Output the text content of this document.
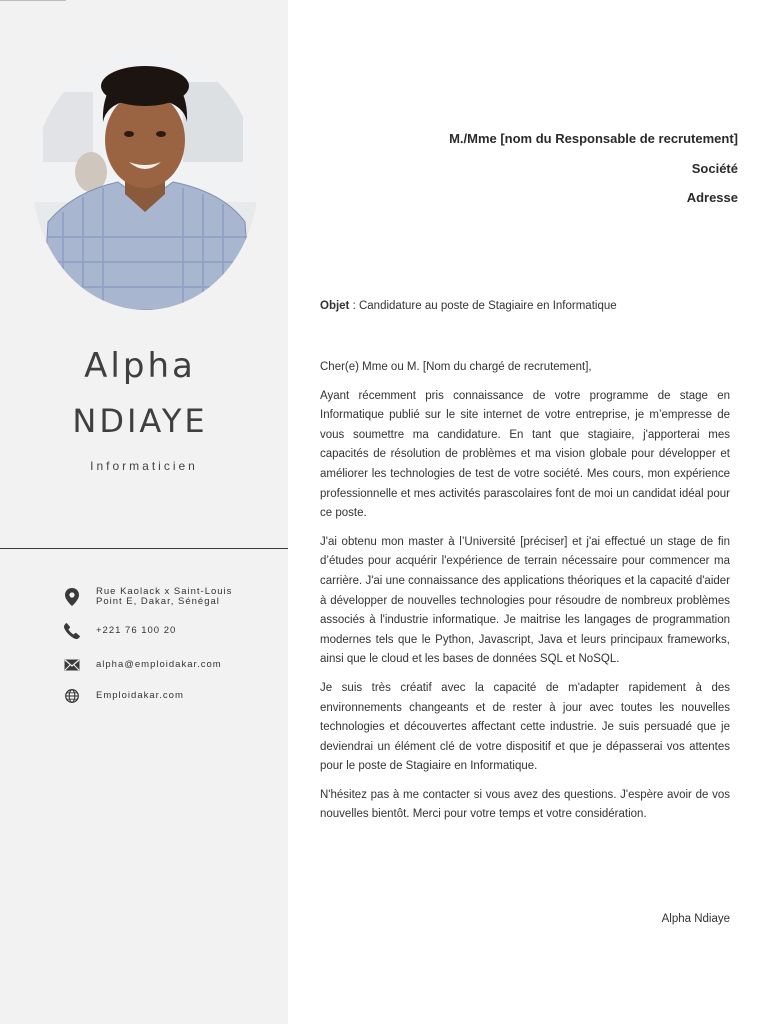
Alpha
NDIAYE
Informaticien
Rue Kaolack x Saint-Louis
Point E, Dakar, Sénégal
+221 76 100 20
alpha@emploidakar.com
Emploidakar.com
M./Mme [nom du Responsable de recrutement]
Société
Adresse
Objet : Candidature au poste de Stagiaire en Informatique

Cher(e) Mme ou M. [Nom du chargé de recrutement],

Ayant récemment pris connaissance de votre programme de stage en Informatique publié sur le site internet de votre entreprise, je m’empresse de vous soumettre ma candidature. En tant que stagiaire, j'apporterai mes capacités de résolution de problèmes et ma vision globale pour développer et améliorer les technologies de test de votre société. Mes cours, mon expérience professionnelle et mes activités parascolaires font de moi un candidat idéal pour ce poste.

J'ai obtenu mon master à l’Université [préciser] et j'ai effectué un stage de fin d’études pour acquérir l'expérience de terrain nécessaire pour commencer ma carrière. J'ai une connaissance des applications théoriques et la capacité d'aider à développer de nouvelles technologies pour résoudre de nombreux problèmes associés à l'industrie informatique. Je maitrise les langages de programmation modernes tels que le Python, Javascript, Java et leurs principaux frameworks, ainsi que le cloud et les bases de données SQL et NoSQL.

Je suis très créatif avec la capacité de m'adapter rapidement à des environnements changeants et de rester à jour avec toutes les nouvelles technologies et découvertes affectant cette industrie. Je suis persuadé que je deviendrai un élément clé de votre dispositif et que je dépasserai vos attentes pour le poste de Stagiaire en Informatique.

N'hésitez pas à me contacter si vous avez des questions. J'espère avoir de vos nouvelles bientôt. Merci pour votre temps et votre considération.

Alpha Ndiaye
